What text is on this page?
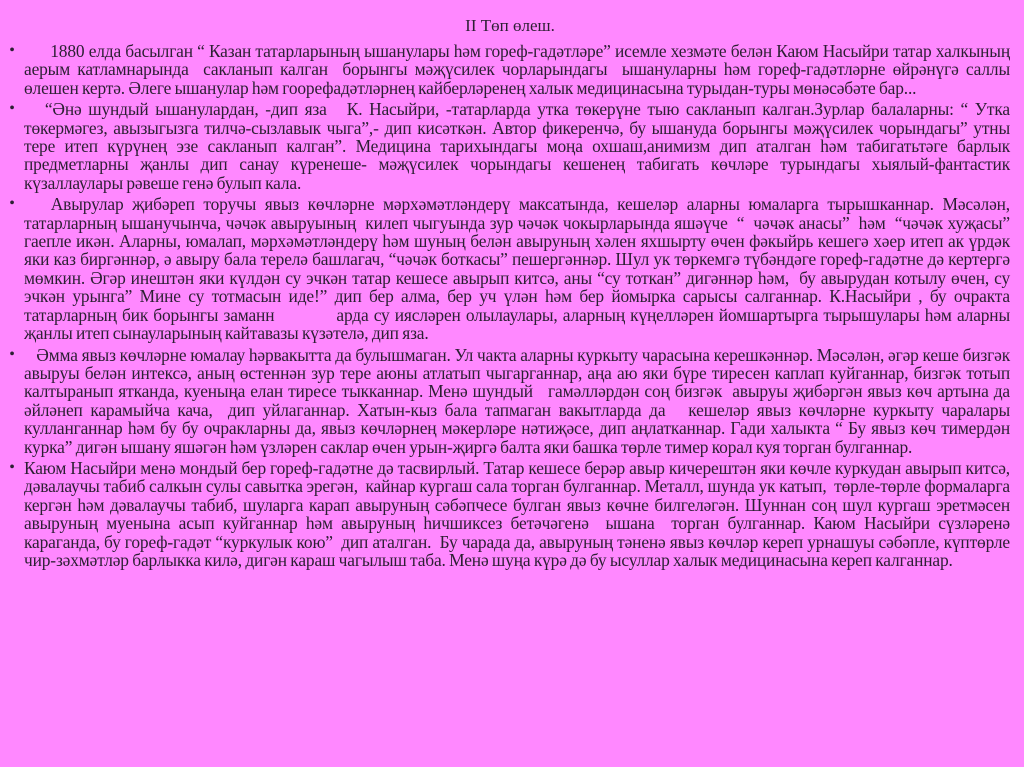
II Төп өлеш.

• 1880 елда басылган “ Казан татарларының ышанулары һәм гореф-гадәтләре” исемле хезмәте белән Каюм Насыйри татар халкының аерым катламнарында  сакланып калган  борынгы мәҗүсилек чорларындагы  ышануларны һәм гореф-гадәтләрне өйрәнүгә саллы өлешен кертә. Әлеге ышанулар һәм гоорефадәтләрнең кайберләренең халык медицинасына турыдан-туры мөнәсәбәте бар...

• “Әнә шундый ышанулардан, -дип яза   К. Насыйри, -татарларда утка төкерүне тыю сакланып калган.Зурлар балаларны: “ Утка төкермәгез, авызыгызга тилчә-сызлавык чыга”,- дип кисәткән. Автор фикеренчә, бу ышануда борынгы мәҗүсилек чорындагы” утны тере итеп күрүнең эзе сакланып калган”. Медицина тарихындагы моңа охшаш,анимизм дип аталган һәм табигатьтәге барлык предметларны җанлы дип санау күренеше- мәҗүсилек чорындагы кешенең табигать көчләре турындагы хыялый-фантастик күзаллаулары рәвеше генә булып кала.

• Авырулар җибәреп торучы явыз көчләрне мәрхәмәтләндерү максатында, кешеләр аларны юмаларга тырышканнар. Мәсәлән, татарларның ышанучынча, чәчәк авыруының  килеп чыгуында зур чәчәк чокырларында яшәүче  “  чәчәк анасы”  һәм  “чәчәк хуҗасы”  гаепле икән. Аларны, юмалап, мәрхәмәтләндерү һәм шуның белән авыруның хәлен яхшырту өчен фәкыйрь кешегә хәер итеп ак үрдәк яки каз биргәннәр, ә авыру бала терелә башлагач, “чәчәк боткасы” пешергәннәр. Шул ук төркемгә түбәндәге гореф-гадәтне дә кертергә мөмкин. Әгәр инештән яки күлдән су эчкән татар кешесе авырып китсә, аны “су тоткан” дигәннәр һәм,  бу авырудан котылу өчен, су эчкән урынга” Мине су тотмасын иде!” дип бер алма, бер уч үлән һәм бер йомырка сарысы салганнар. К.Насыйри , бу очракта татарларның бик борынгы заманн            арда су иясләрен олылаулары, аларның күңелләрен йомшартырга тырышулары һәм аларны җанлы итеп сынауларының кайтавазы күзәтелә, дип яза.

• Әмма явыз көчләрне юмалау һәрвакытта да булышмаган. Ул чакта аларны куркыту чарасына керешкәннәр. Мәсәлән, әгәр кеше бизгәк авыруы белән интексә, аның өстеннән зур тере аюны атлатып чыгарганнар, аңа аю яки бүре тиресен каплап куйганнар, бизгәк тотып калтыранып ятканда, куеныңа елан тиресе тыкканнар. Менә шундый   гамәлләрдән соң бизгәк  авыруы җибәргән явыз көч артына да әйләнеп карамыйча кача,  дип уйлаганнар. Хатын-кыз бала тапмаган вакытларда да   кешеләр явыз көчләрне куркыту чаралары кулланганнар һәм бу бу очракларны да, явыз көчләрнең мәкерләре нәтиҗәсе, дип аңлатканнар. Гади халыкта “ Бу явыз көч тимердән курка” дигән ышану яшәгән һәм үзләрен саклар өчен урын-җиргә балта яки башка төрле тимер корал куя торган булганнар.

• Каюм Насыйри менә мондый бер гореф-гадәтне дә тасвирлый. Татар кешесе берәр авыр кичерештән яки көчле куркудан авырып китсә, дәвалаучы табиб салкын сулы савытка эрегән,  кайнар кургаш сала торган булганнар. Металл, шунда ук катып,  төрле-төрле формаларга кергән һәм дәвалаучы табиб, шуларга карап авыруның сәбәпчесе булган явыз көчне билгеләгән. Шуннан соң шул кургаш эретмәсен авыруның муенына асып куйганнар һәм авыруның һичшиксез бетәчәгенә  ышана  торган булганнар. Каюм Насыйри сүзләренә караганда, бу гореф-гадәт “куркулык кою”  дип аталган.  Бу чарада да, авыруның тәненә явыз көчләр кереп урнашуы сәбәпле, күптөрле чир-зәхмәтләр барлыкка килә, дигән караш чагылыш таба. Менә шуңа күрә дә бу ысуллар халык медицинасына кереп калганнар.
